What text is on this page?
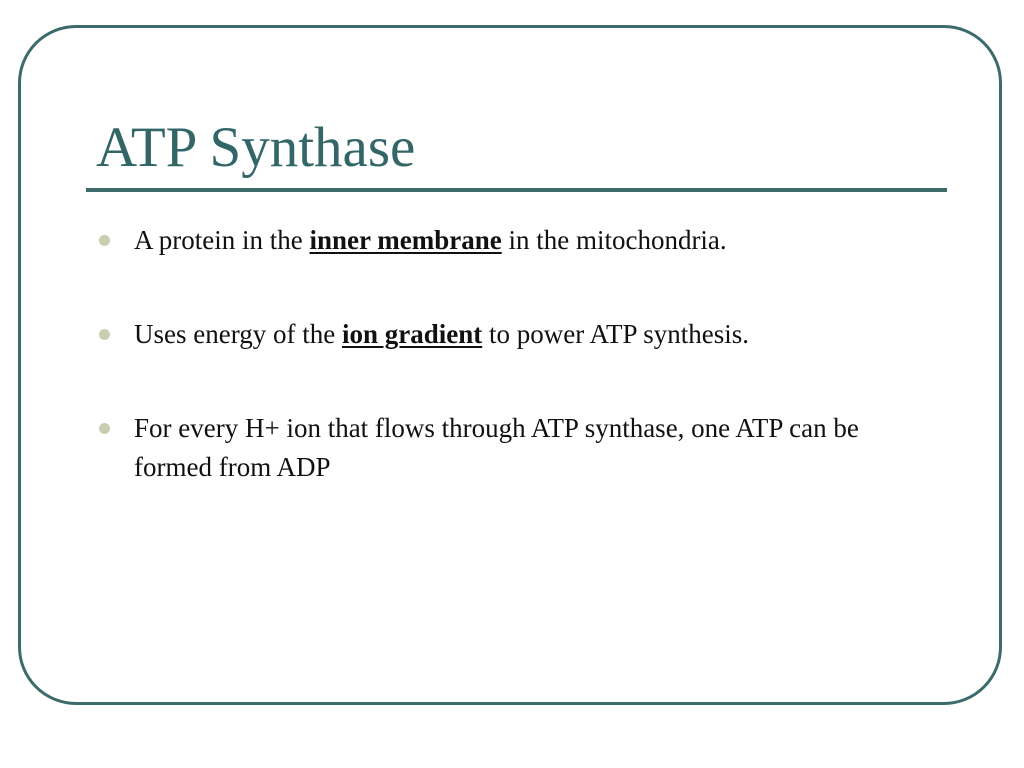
ATP Synthase
A protein in the inner membrane in the mitochondria.
Uses energy of the ion gradient to power ATP synthesis.
For every H+ ion that flows through ATP synthase, one ATP can be formed from ADP
